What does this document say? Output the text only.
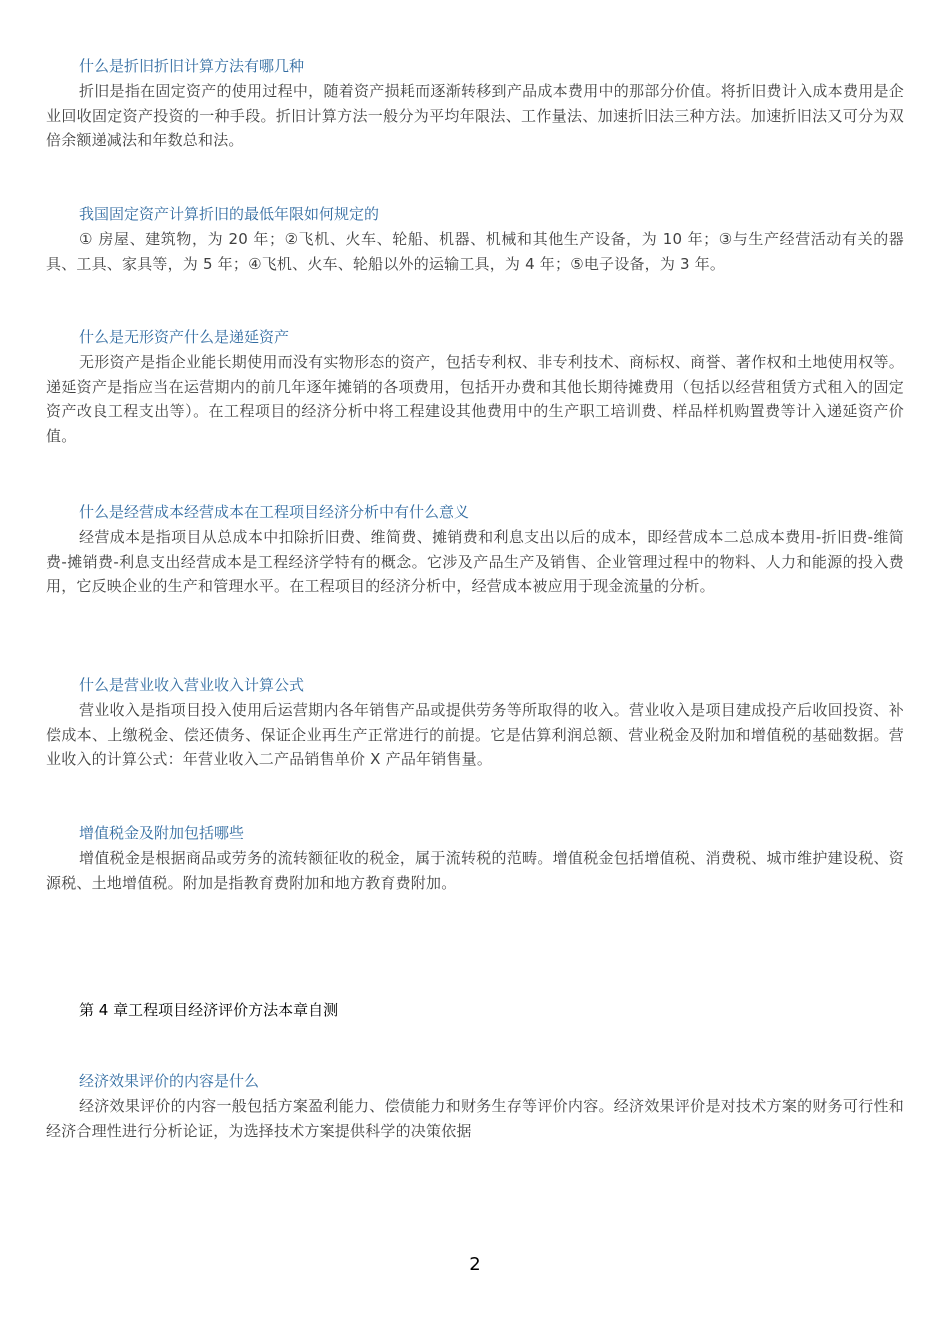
什么是折旧折旧计算方法有哪几种
折旧是指在固定资产的使用过程中，随着资产损耗而逐渐转移到产品成本费用中的那部分价值。将折旧费计入成本费用是企业回收固定资产投资的一种手段。折旧计算方法一般分为平均年限法、工作量法、加速折旧法三种方法。加速折旧法又可分为双倍余额递减法和年数总和法。
我国固定资产计算折旧的最低年限如何规定的
① 房屋、建筑物，为 20 年；②飞机、火车、轮船、机器、机械和其他生产设备，为 10 年；③与生产经营活动有关的器具、工具、家具等，为 5 年；④飞机、火车、轮船以外的运输工具，为 4 年；⑤电子设备，为 3 年。
什么是无形资产什么是递延资产
无形资产是指企业能长期使用而没有实物形态的资产，包括专利权、非专利技术、商标权、商誉、著作权和土地使用权等。递延资产是指应当在运营期内的前几年逐年摊销的各项费用，包括开办费和其他长期待摊费用（包括以经营租赁方式租入的固定资产改良工程支出等）。在工程项目的经济分析中将工程建设其他费用中的生产职工培训费、样品样机购置费等计入递延资产价值。
什么是经营成本经营成本在工程项目经济分析中有什么意义
经营成本是指项目从总成本中扣除折旧费、维简费、摊销费和利息支出以后的成本，即经营成本二总成本费用-折旧费-维简费-摊销费-利息支出经营成本是工程经济学特有的概念。它涉及产品生产及销售、企业管理过程中的物料、人力和能源的投入费用，它反映企业的生产和管理水平。在工程项目的经济分析中，经营成本被应用于现金流量的分析。
什么是营业收入营业收入计算公式
营业收入是指项目投入使用后运营期内各年销售产品或提供劳务等所取得的收入。营业收入是项目建成投产后收回投资、补偿成本、上缴税金、偿还债务、保证企业再生产正常进行的前提。它是估算利润总额、营业税金及附加和增值税的基础数据。营业收入的计算公式：年营业收入二产品销售单价 X 产品年销售量。
增值税金及附加包括哪些
增值税金是根据商品或劳务的流转额征收的税金，属于流转税的范畴。增值税金包括增值税、消费税、城市维护建设税、资源税、土地增值税。附加是指教育费附加和地方教育费附加。
第 4 章工程项目经济评价方法本章自测
经济效果评价的内容是什么
经济效果评价的内容一般包括方案盈利能力、偿债能力和财务生存等评价内容。经济效果评价是对技术方案的财务可行性和经济合理性进行分析论证，为选择技术方案提供科学的决策依据
2
